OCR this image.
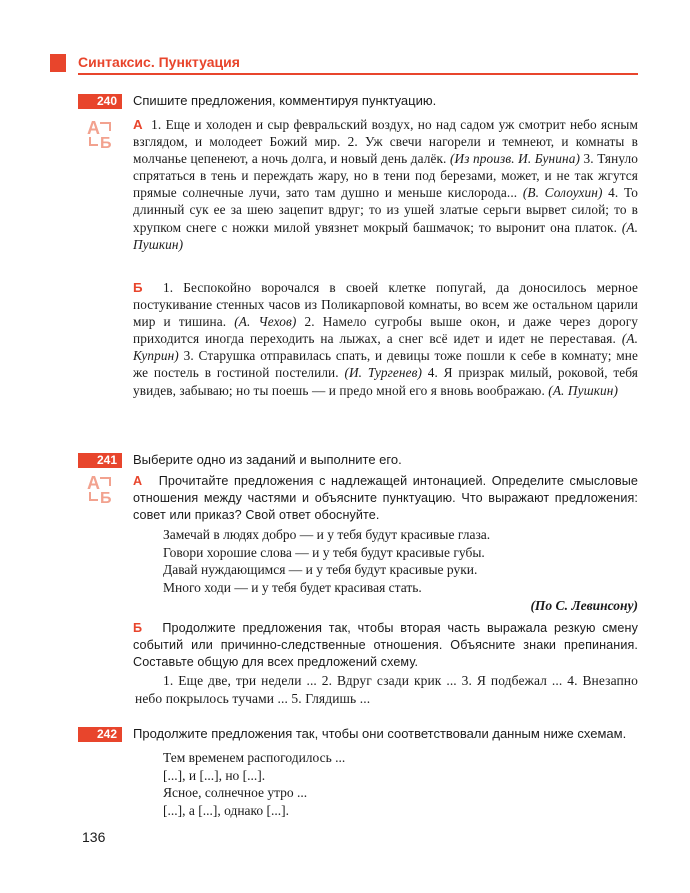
Синтаксис. Пунктуация
240	Спишите предложения, комментируя пунктуацию.
А
Б

А 1. Еще и холоден и сыр февральский воздух, но над садом уж смотрит небо ясным взглядом, и молодеет Божий мир. 2. Уж свечи нагорели и темнеют, и комнаты в молчанье цепенеют, а ночь долга, и новый день далёк. (Из произв. И. Бунина) 3. Тянуло спрятаться в тень и переждать жару, но в тени под березами, может, и не так жгутся прямые солнечные лучи, зато там душно и меньше кислорода... (В. Солоухин) 4. То длинный сук ее за шею зацепит вдруг; то из ушей златые серьги вырвет силой; то в хрупком снеге с ножки милой увязнет мокрый башмачок; то выронит она платок. (А. Пушкин)

Б 1. Беспокойно ворочался в своей клетке попугай, да доносилось мерное постукивание стенных часов из Поликарповой комнаты, во всем же остальном царили мир и тишина. (А. Чехов) 2. Намело сугробы выше окон, и даже через дорогу приходится иногда переходить на лыжах, а снег всё идет и идет не переставая. (А. Куприн) 3. Старушка отправилась спать, и девицы тоже пошли к себе в комнату; мне же постель в гостиной постелили. (И. Тургенев) 4. Я призрак милый, роковой, тебя увидев, забываю; но ты поешь — и предо мной его я вновь воображаю. (А. Пушкин)

241	Выберите одно из заданий и выполните его.
А
Б

А Прочитайте предложения с надлежащей интонацией. Определите смысловые отношения между частями и объясните пунктуацию. Что выражают предложения: совет или приказ? Свой ответ обоснуйте.

Замечай в людях добро — и у тебя будут красивые глаза.
Говори хорошие слова — и у тебя будут красивые губы.
Давай нуждающимся — и у тебя будут красивые руки.
Много ходи — и у тебя будет красивая стать.
(По С. Левинсону)

Б Продолжите предложения так, чтобы вторая часть выражала резкую смену событий или причинно-следственные отношения. Объясните знаки препинания. Составьте общую для всех предложений схему.

1. Еще две, три недели ... 2. Вдруг сзади крик ... 3. Я подбежал ... 4. Внезапно небо покрылось тучами ... 5. Глядишь ...

242	Продолжите предложения так, чтобы они соответствовали данным ниже схемам.
Тем временем распогодилось ...
[...], и [...], но [...].
Ясное, солнечное утро ...
[...], а [...], однако [...].
136
